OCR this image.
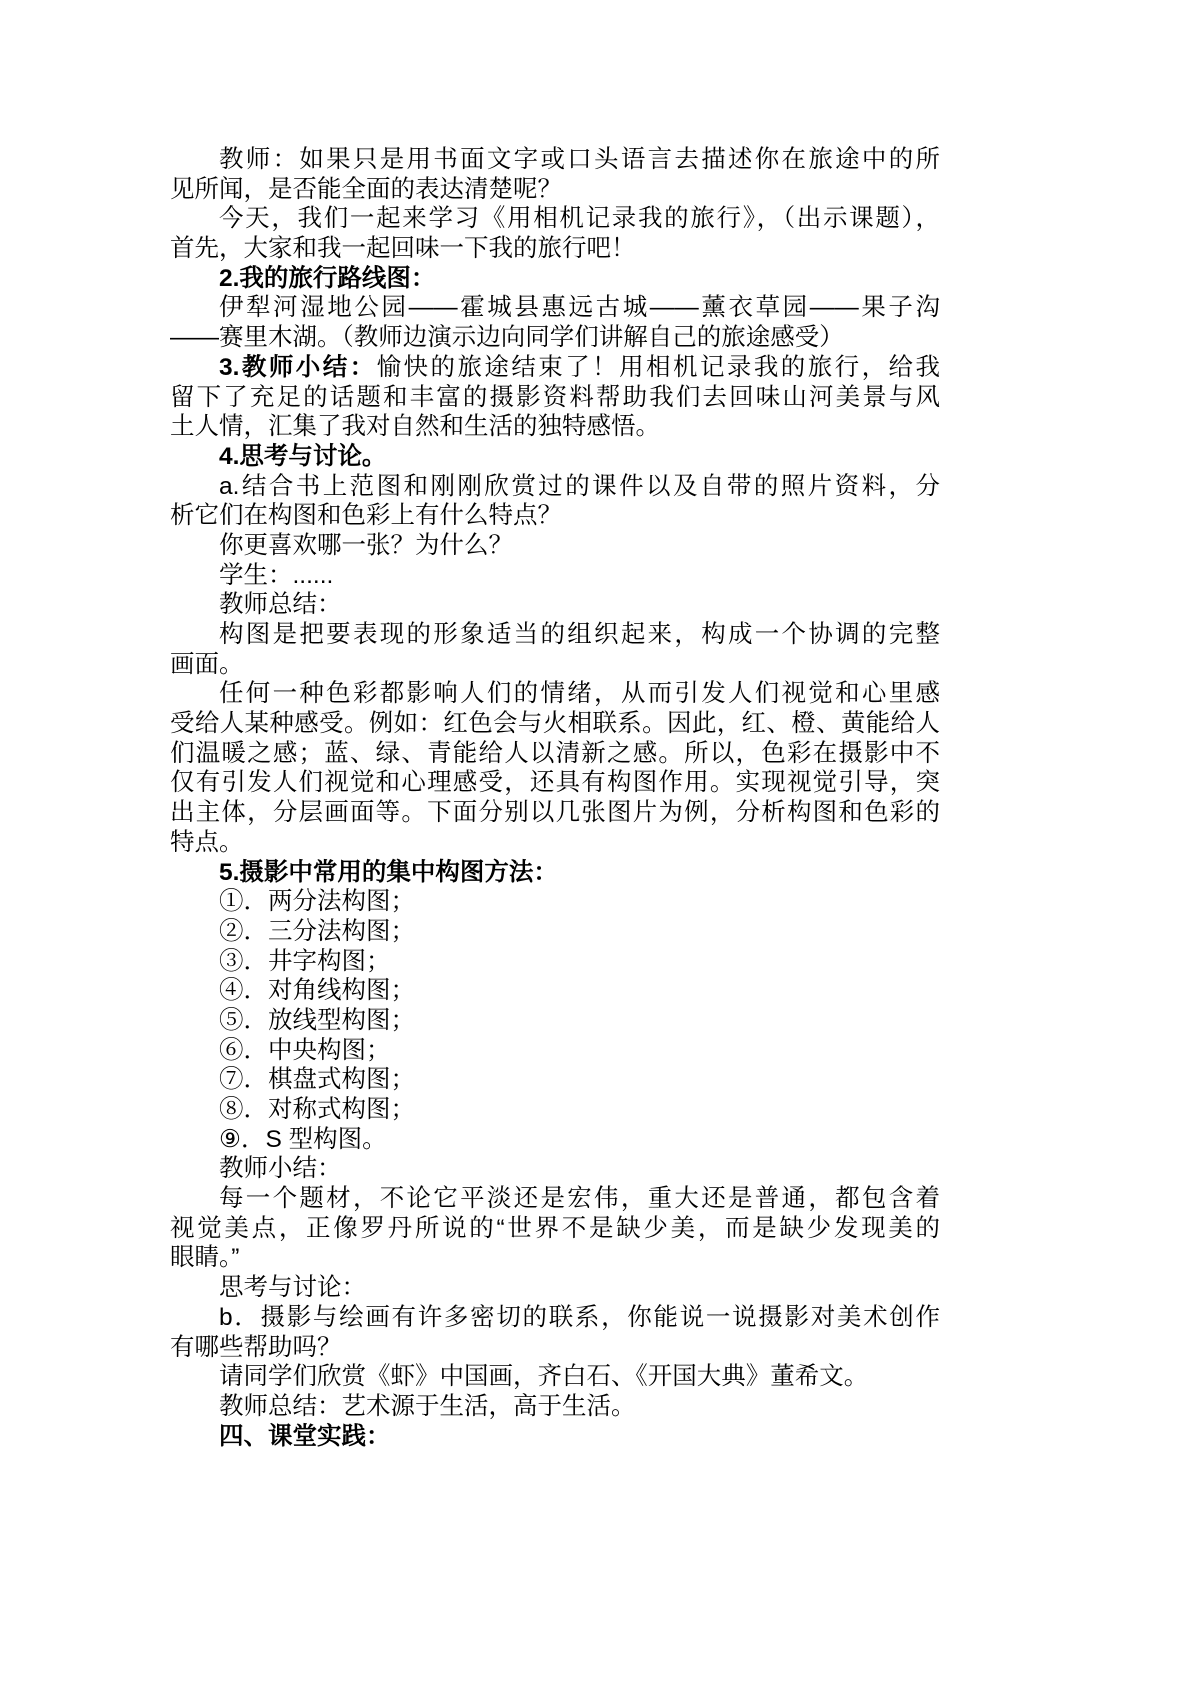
教师：如果只是用书面文字或口头语言去描述你在旅途中的所
见所闻，是否能全面的表达清楚呢？
今天，我们一起来学习《用相机记录我的旅行》，（出示课题），
首先，大家和我一起回味一下我的旅行吧！
2.我的旅行路线图：
伊犁河湿地公园——霍城县惠远古城——薰衣草园——果子沟
——赛里木湖。（教师边演示边向同学们讲解自己的旅途感受）
3.教师小结：愉快的旅途结束了！用相机记录我的旅行，给我
留下了充足的话题和丰富的摄影资料帮助我们去回味山河美景与风
土人情，汇集了我对自然和生活的独特感悟。
4.思考与讨论。
a.结合书上范图和刚刚欣赏过的课件以及自带的照片资料，分
析它们在构图和色彩上有什么特点？
你更喜欢哪一张？为什么？
学生：......
教师总结：
构图是把要表现的形象适当的组织起来，构成一个协调的完整
画面。
任何一种色彩都影响人们的情绪，从而引发人们视觉和心里感
受给人某种感受。例如：红色会与火相联系。因此，红、橙、黄能给人
们温暖之感；蓝、绿、青能给人以清新之感。所以，色彩在摄影中不
仅有引发人们视觉和心理感受，还具有构图作用。实现视觉引导，突
出主体，分层画面等。下面分别以几张图片为例，分析构图和色彩的
特点。
5.摄影中常用的集中构图方法：
①．两分法构图；
②．三分法构图；
③．井字构图；
④．对角线构图；
⑤．放线型构图；
⑥．中央构图；
⑦．棋盘式构图；
⑧．对称式构图；
⑨．S 型构图。
教师小结：
每一个题材，不论它平淡还是宏伟，重大还是普通，都包含着
视觉美点，正像罗丹所说的“世界不是缺少美，而是缺少发现美的
眼睛。”
思考与讨论：
b．摄影与绘画有许多密切的联系，你能说一说摄影对美术创作
有哪些帮助吗？
请同学们欣赏《虾》中国画，齐白石、《开国大典》董希文。
教师总结：艺术源于生活，高于生活。
四、课堂实践：
